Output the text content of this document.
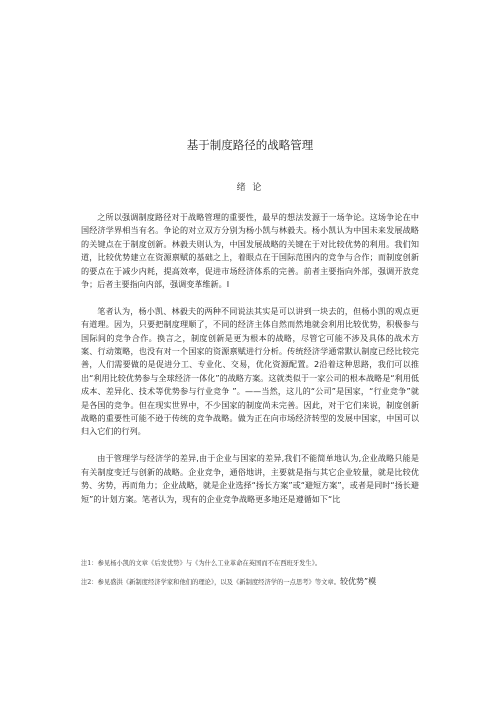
基于制度路径的战略管理
绪 论

之所以强调制度路径对于战略管理的重要性，最早的想法发源于一场争论。这场争论在中国经济学界相当有名。争论的对立双方分别为杨小凯与林毅夫。杨小凯认为中国未来发展战略的关键点在于制度创新。林毅夫则认为，中国发展战略的关键在于对比较优势的利用。我们知道，比较优势建立在资源禀赋的基础之上，着眼点在于国际范围内的竞争与合作；而制度创新的要点在于减少内耗，提高效率，促进市场经济体系的完善。前者主要指向外部，强调开放竞争；后者主要指向内部，强调变革维新。I

笔者认为，杨小凯、林毅夫的两种不同说法其实是可以讲到一块去的，但杨小凯的观点更有道理。因为，只要把制度理顺了，不同的经济主体自然而然地就会利用比较优势，积极参与国际间的竞争合作。换言之，制度创新是更为根本的战略，尽管它可能不涉及具体的战术方案、行动策略，也没有对一个国家的资源禀赋进行分析。传统经济学通常默认制度已经比较完善，人们需要做的是促进分工、专业化、交易，优化资源配置。2沿着这种思路，我们可以推出“利用比较优势参与全球经济一体化”的战略方案。这就类似于一家公司的根本战略是“利用低成本、差异化、技术等优势参与行业竞争 ”。——当然，这儿的“公司”是国家，“行业竞争”就是各国的竞争。但在现实世界中，不少国家的制度尚未完善。因此，对于它们来说，制度创新战略的重要性可能不逊于传统的竞争战略。做为正在向市场经济转型的发展中国家，中国可以归入它们的行列。

由于管理学与经济学的差异,由于企业与国家的差异,我们不能简单地认为,企业战略只能是有关制度变迁与创新的战略。企业竞争，通俗地讲，主要就是指与其它企业较量，就是比较优势、劣势，再而角力；企业战略，就是企业选择“扬长方案”或“避短方案”，或者是同时“扬长避短”的计划方案。笔者认为，现有的企业竞争战略更多地还是遵循如下“比

注1：参见杨小凯的文章《后发优势》与《为什么工业革命在英国而不在西班牙发生》。
注2：参见盛洪《新制度经济学家和他们的理论》，以及《新制度经济学的一点思考》等文章。较优势”模
